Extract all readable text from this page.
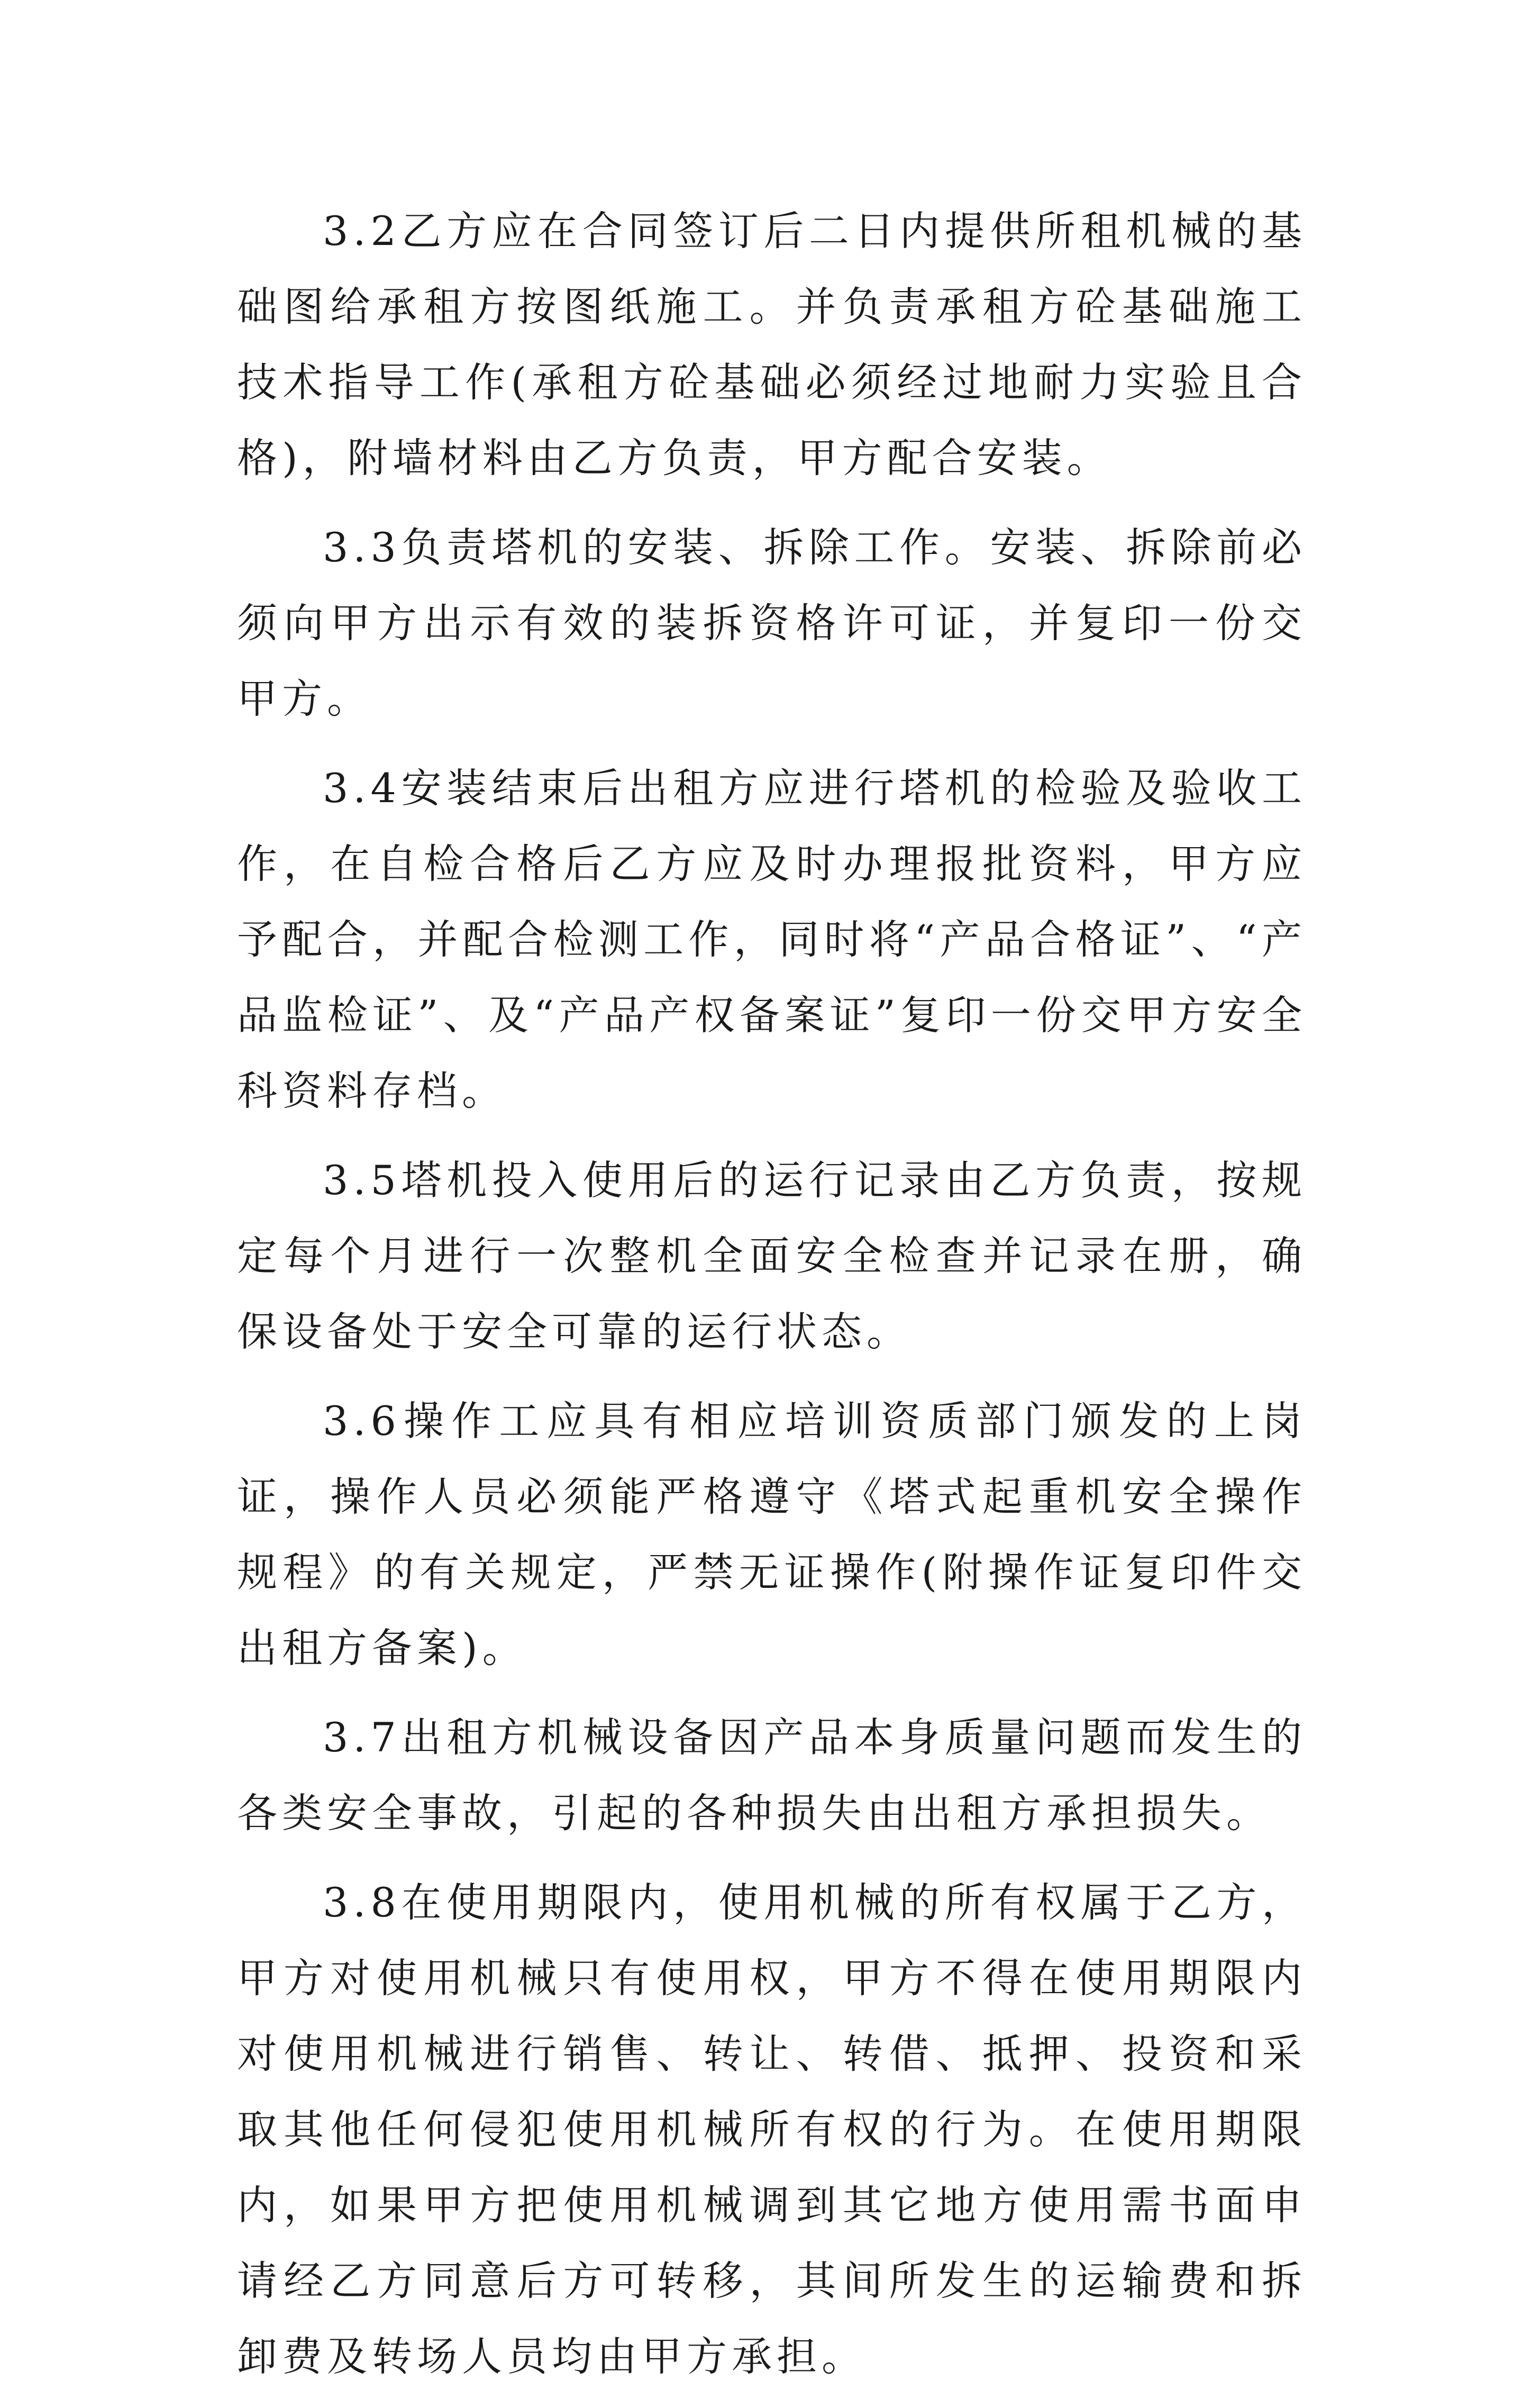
3.2乙方应在合同签订后二日内提供所租机械的基础图给承租方按图纸施工。并负责承租方砼基础施工技术指导工作(承租方砼基础必须经过地耐力实验且合格)，附墙材料由乙方负责，甲方配合安装。

3.3负责塔机的安装、拆除工作。安装、拆除前必须向甲方出示有效的装拆资格许可证，并复印一份交甲方。

3.4安装结束后出租方应进行塔机的检验及验收工作，在自检合格后乙方应及时办理报批资料，甲方应予配合，并配合检测工作，同时将“产品合格证”、“产品监检证”、及“产品产权备案证”复印一份交甲方安全科资料存档。

3.5塔机投入使用后的运行记录由乙方负责，按规定每个月进行一次整机全面安全检查并记录在册，确保设备处于安全可靠的运行状态。

3.6操作工应具有相应培训资质部门颁发的上岗证，操作人员必须能严格遵守《塔式起重机安全操作规程》的有关规定，严禁无证操作(附操作证复印件交出租方备案)。

3.7出租方机械设备因产品本身质量问题而发生的各类安全事故，引起的各种损失由出租方承担损失。

3.8在使用期限内，使用机械的所有权属于乙方，甲方对使用机械只有使用权，甲方不得在使用期限内对使用机械进行销售、转让、转借、抵押、投资和采取其他任何侵犯使用机械所有权的行为。在使用期限内，如果甲方把使用机械调到其它地方使用需书面申请经乙方同意后方可转移，其间所发生的运输费和拆卸费及转场人员均由甲方承担。
